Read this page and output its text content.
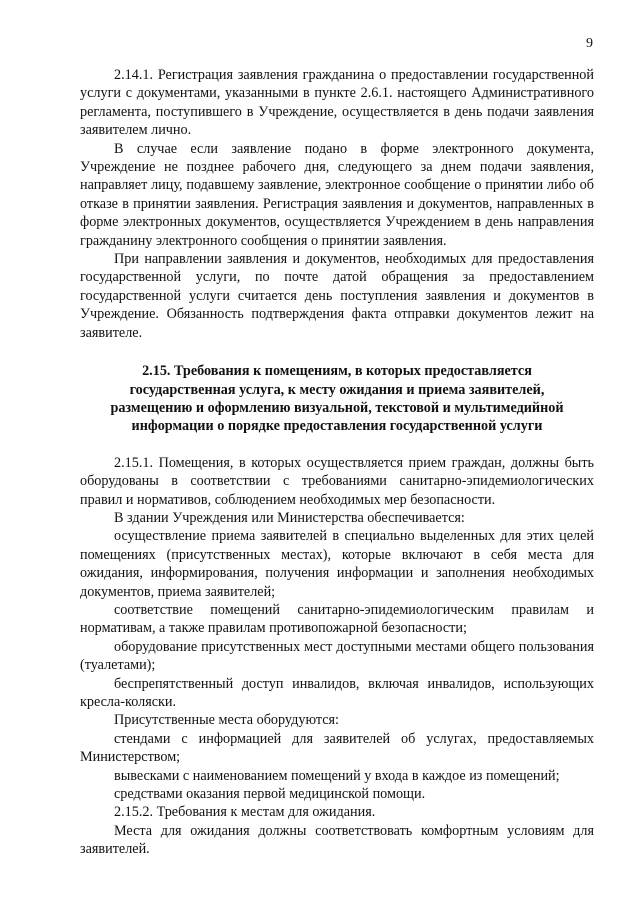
9

2.14.1. Регистрация заявления гражданина о предоставлении государственной услуги с документами, указанными в пункте 2.6.1. настоящего Административного регламента, поступившего в Учреждение, осуществляется в день подачи заявления заявителем лично.

В случае если заявление подано в форме электронного документа, Учреждение не позднее рабочего дня, следующего за днем подачи заявления, направляет лицу, подавшему заявление, электронное сообщение о принятии либо об отказе в принятии заявления. Регистрация заявления и документов, направленных в форме электронных документов, осуществляется Учреждением в день направления гражданину электронного сообщения о принятии заявления.

При направлении заявления и документов, необходимых для предоставления государственной услуги, по почте датой обращения за предоставлением государственной услуги считается день поступления заявления и документов в Учреждение. Обязанность подтверждения факта отправки документов лежит на заявителе.

2.15. Требования к помещениям, в которых предоставляется
государственная услуга, к месту ожидания и приема заявителей,
размещению и оформлению визуальной, текстовой и мультимедийной
информации о порядке предоставления государственной услуги

2.15.1. Помещения, в которых осуществляется прием граждан, должны быть оборудованы в соответствии с требованиями санитарно-эпидемиологических правил и нормативов, соблюдением необходимых мер безопасности.

В здании Учреждения или Министерства обеспечивается:

осуществление приема заявителей в специально выделенных для этих целей помещениях (присутственных местах), которые включают в себя места для ожидания, информирования, получения информации и заполнения необходимых документов, приема заявителей;

соответствие помещений санитарно-эпидемиологическим правилам и нормативам, а также правилам противопожарной безопасности;

оборудование присутственных мест доступными местами общего пользования (туалетами);

беспрепятственный доступ инвалидов, включая инвалидов, использующих кресла-коляски.

Присутственные места оборудуются:

стендами с информацией для заявителей об услугах, предоставляемых Министерством;

вывесками с наименованием помещений у входа в каждое из помещений;

средствами оказания первой медицинской помощи.

2.15.2. Требования к местам для ожидания.

Места для ожидания должны соответствовать комфортным условиям для заявителей.
